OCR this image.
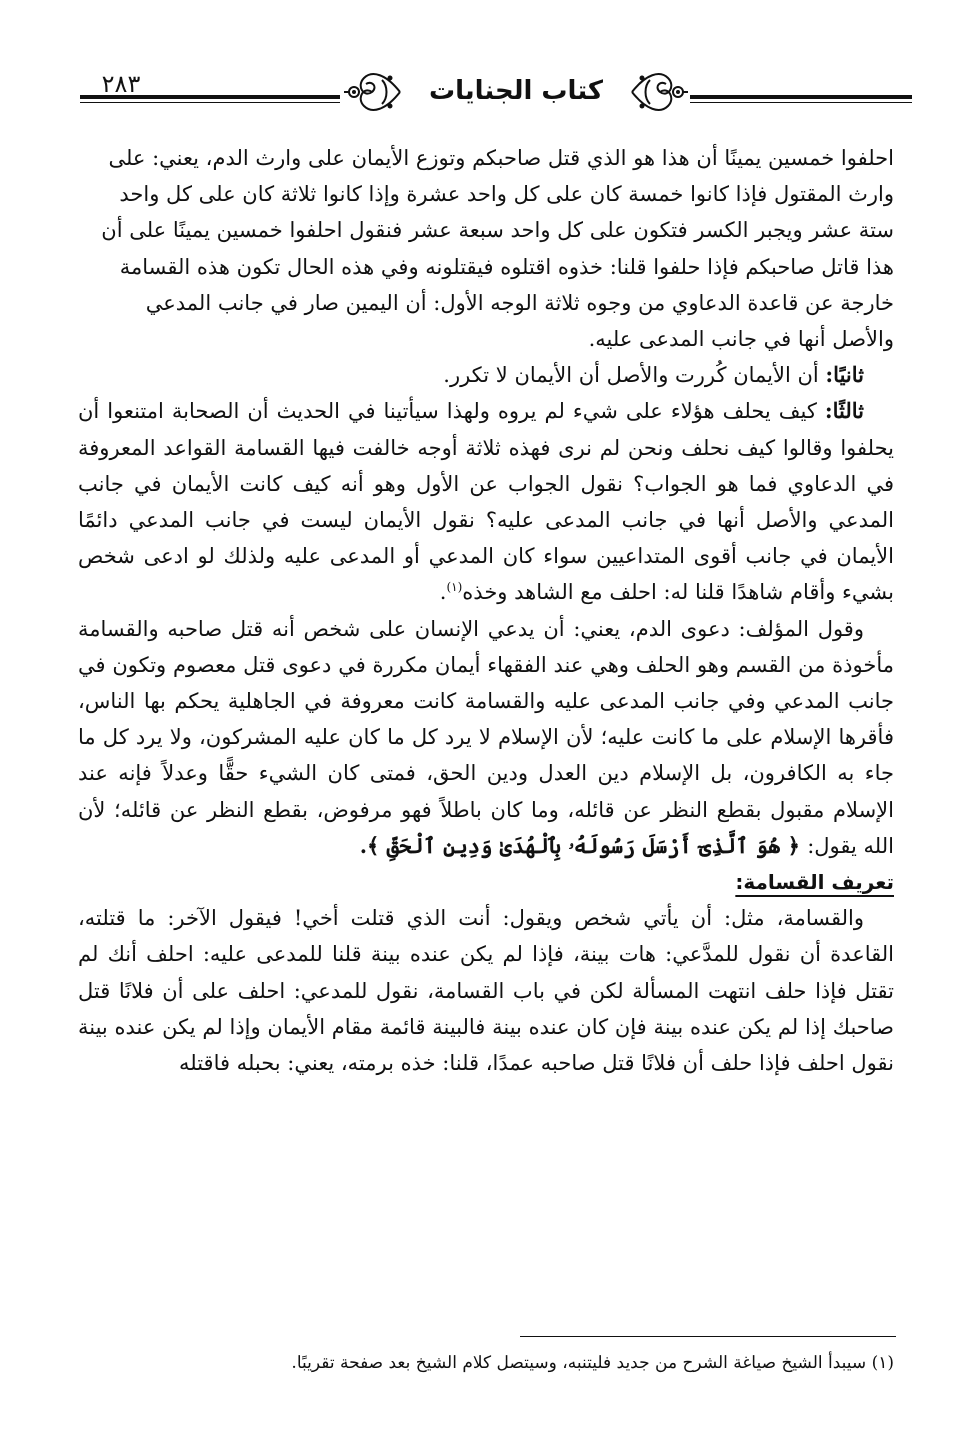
٢٨٣	كتاب الجنايات

احلفوا خمسين يمينًا أن هذا هو الذي قتل صاحبكم وتوزع الأيمان على وارث الدم، يعني: على وارث المقتول فإذا كانوا خمسة كان على كل واحد عشرة وإذا كانوا ثلاثة كان على كل واحد ستة عشر ويجبر الكسر فتكون على كل واحد سبعة عشر فنقول احلفوا خمسين يمينًا على أن هذا قاتل صاحبكم فإذا حلفوا قلنا: خذوه اقتلوه فيقتلونه وفي هذه الحال تكون هذه القسامة خارجة عن قاعدة الدعاوي من وجوه ثلاثة الوجه الأول: أن اليمين صار في جانب المدعي والأصل أنها في جانب المدعى عليه.

ثانيًا: أن الأيمان كُررت والأصل أن الأيمان لا تكرر.

ثالثًا: كيف يحلف هؤلاء على شيء لم يروه ولهذا سيأتينا في الحديث أن الصحابة امتنعوا أن يحلفوا وقالوا كيف نحلف ونحن لم نرى فهذه ثلاثة أوجه خالفت فيها القسامة القواعد المعروفة في الدعاوي فما هو الجواب؟ نقول الجواب عن الأول وهو أنه كيف كانت الأيمان في جانب المدعي والأصل أنها في جانب المدعى عليه؟ نقول الأيمان ليست في جانب المدعي دائمًا الأيمان في جانب أقوى المتداعيين سواء كان المدعي أو المدعى عليه ولذلك لو ادعى شخص بشيء وأقام شاهدًا قلنا له: احلف مع الشاهد وخذه$^{(١)}$.

وقول المؤلف: دعوى الدم، يعني: أن يدعي الإنسان على شخص أنه قتل صاحبه والقسامة مأخوذة من القسم وهو الحلف وهي عند الفقهاء أيمان مكررة في دعوى قتل معصوم وتكون في جانب المدعي وفي جانب المدعى عليه والقسامة كانت معروفة في الجاهلية يحكم بها الناس، فأقرها الإسلام على ما كانت عليه؛ لأن الإسلام لا يرد كل ما كان عليه المشركون، ولا يرد كل ما جاء به الكافرون، بل الإسلام دين العدل ودين الحق، فمتى كان الشيء حقًّا وعدلاً فإنه عند الإسلام مقبول بقطع النظر عن قائله، وما كان باطلاً فهو مرفوض، بقطع النظر عن قائله؛ لأن الله يقول: ﴿ هُوَ ٱلَّذِىٓ أَرْسَلَ رَسُولَهُۥ بِٱلْهُدَىٰ وَدِينِ ٱلْحَقِّ ﴾.

تعريف القسامة:

والقسامة، مثل: أن يأتي شخص ويقول: أنت الذي قتلت أخي! فيقول الآخر: ما قتلته، القاعدة أن نقول للمدَّعي: هات بينة، فإذا لم يكن عنده بينة قلنا للمدعى عليه: احلف أنك لم تقتل فإذا حلف انتهت المسألة لكن في باب القسامة، نقول للمدعي: احلف على أن فلانًا قتل صاحبك إذا لم يكن عنده بينة فإن كان عنده بينة فالبينة قائمة مقام الأيمان وإذا لم يكن عنده بينة نقول احلف فإذا حلف أن فلانًا قتل صاحبه عمدًا، قلنا: خذه برمته، يعني: بحبله فاقتله

(١) سيبدأ الشيخ صياغة الشرح من جديد فليتنبه، وسيتصل كلام الشيخ بعد صفحة تقريبًا.
